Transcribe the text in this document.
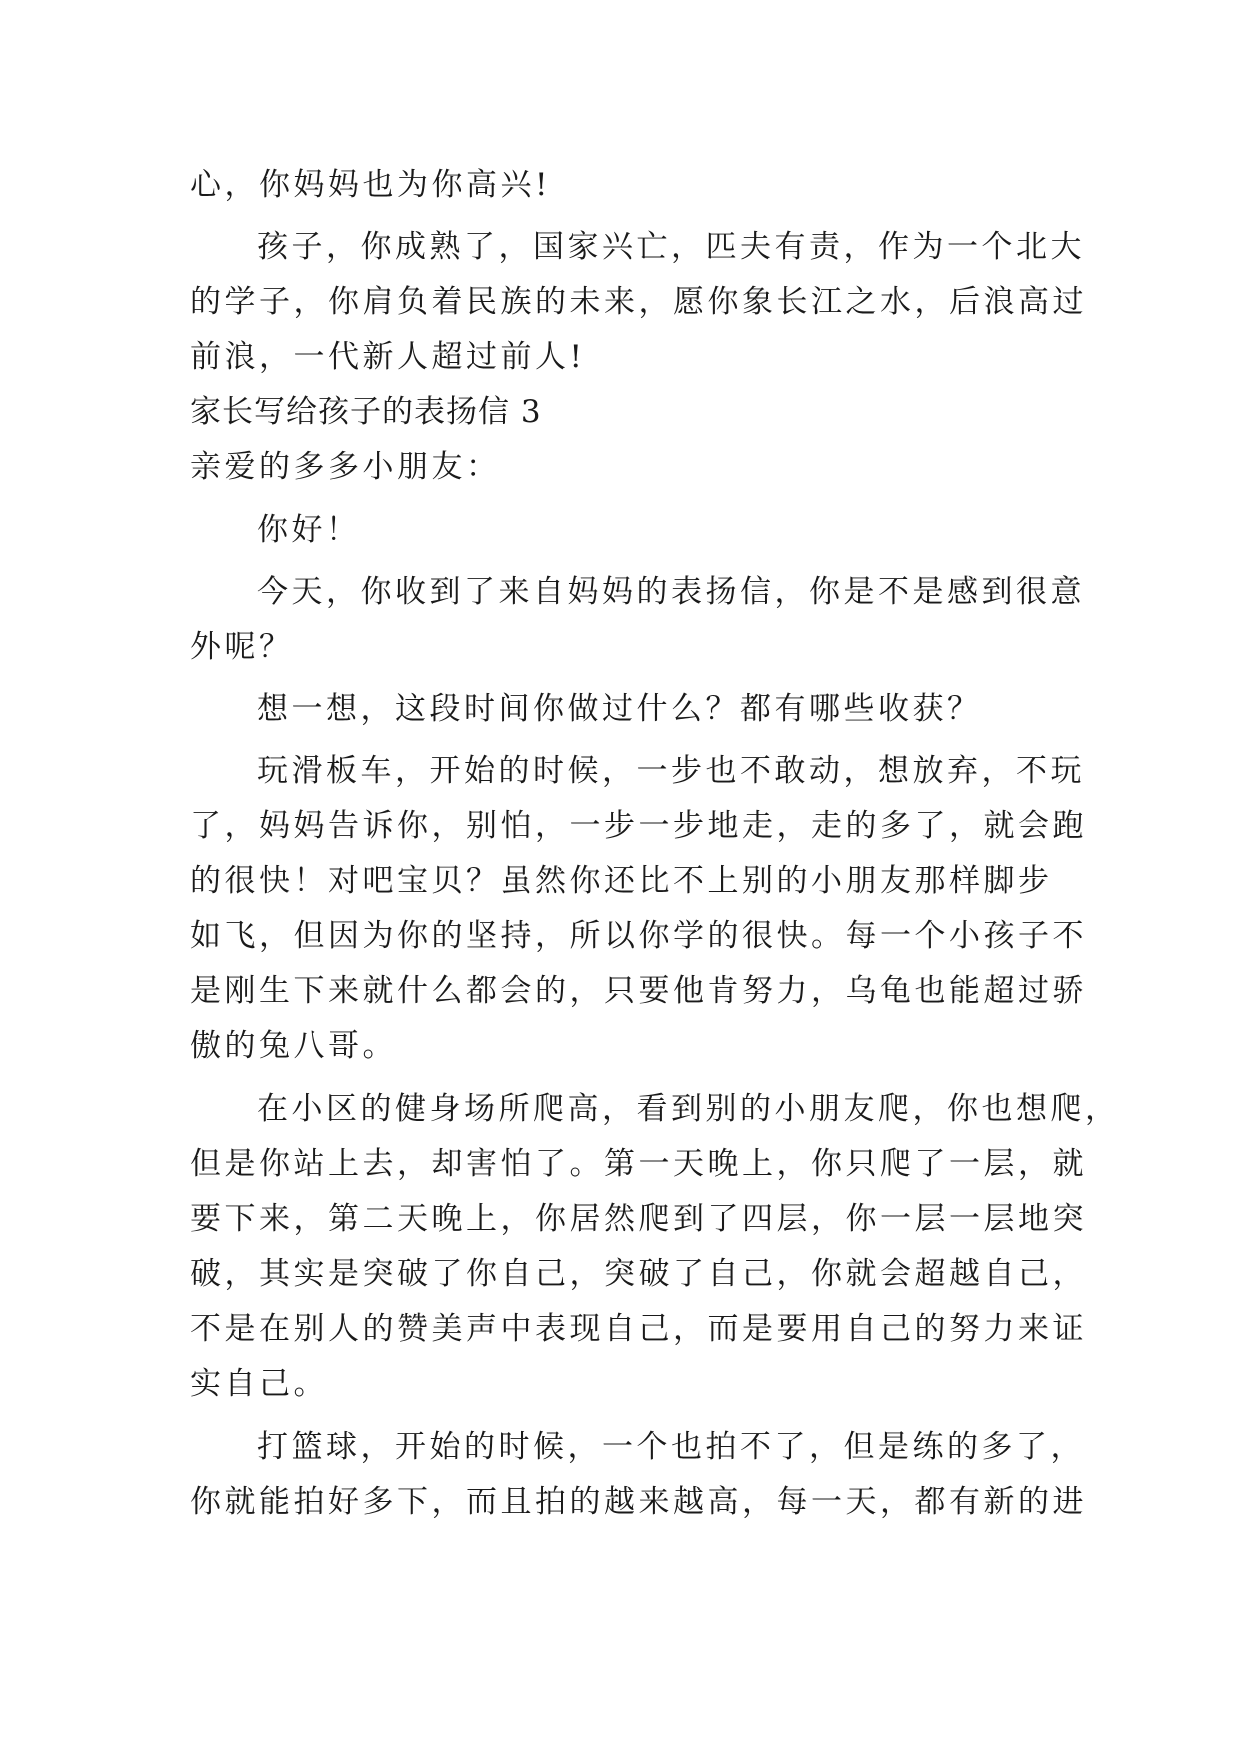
心，你妈妈也为你高兴!
孩子，你成熟了，国家兴亡，匹夫有责，作为一个北大
的学子，你肩负着民族的未来，愿你象长江之水，后浪高过
前浪，一代新人超过前人!
家长写给孩子的表扬信 3
亲爱的多多小朋友：
你好！
今天，你收到了来自妈妈的表扬信，你是不是感到很意
外呢？
想一想，这段时间你做过什么？都有哪些收获？
玩滑板车，开始的时候，一步也不敢动，想放弃，不玩
了，妈妈告诉你，别怕，一步一步地走，走的多了，就会跑
的很快！对吧宝贝？虽然你还比不上别的小朋友那样脚步
如飞，但因为你的坚持，所以你学的很快。每一个小孩子不
是刚生下来就什么都会的，只要他肯努力，乌龟也能超过骄
傲的兔八哥。
在小区的健身场所爬高，看到别的小朋友爬，你也想爬，
但是你站上去，却害怕了。第一天晚上，你只爬了一层，就
要下来，第二天晚上，你居然爬到了四层，你一层一层地突
破，其实是突破了你自己，突破了自己，你就会超越自己，
不是在别人的赞美声中表现自己，而是要用自己的努力来证
实自己。
打篮球，开始的时候，一个也拍不了，但是练的多了，
你就能拍好多下，而且拍的越来越高，每一天，都有新的进
